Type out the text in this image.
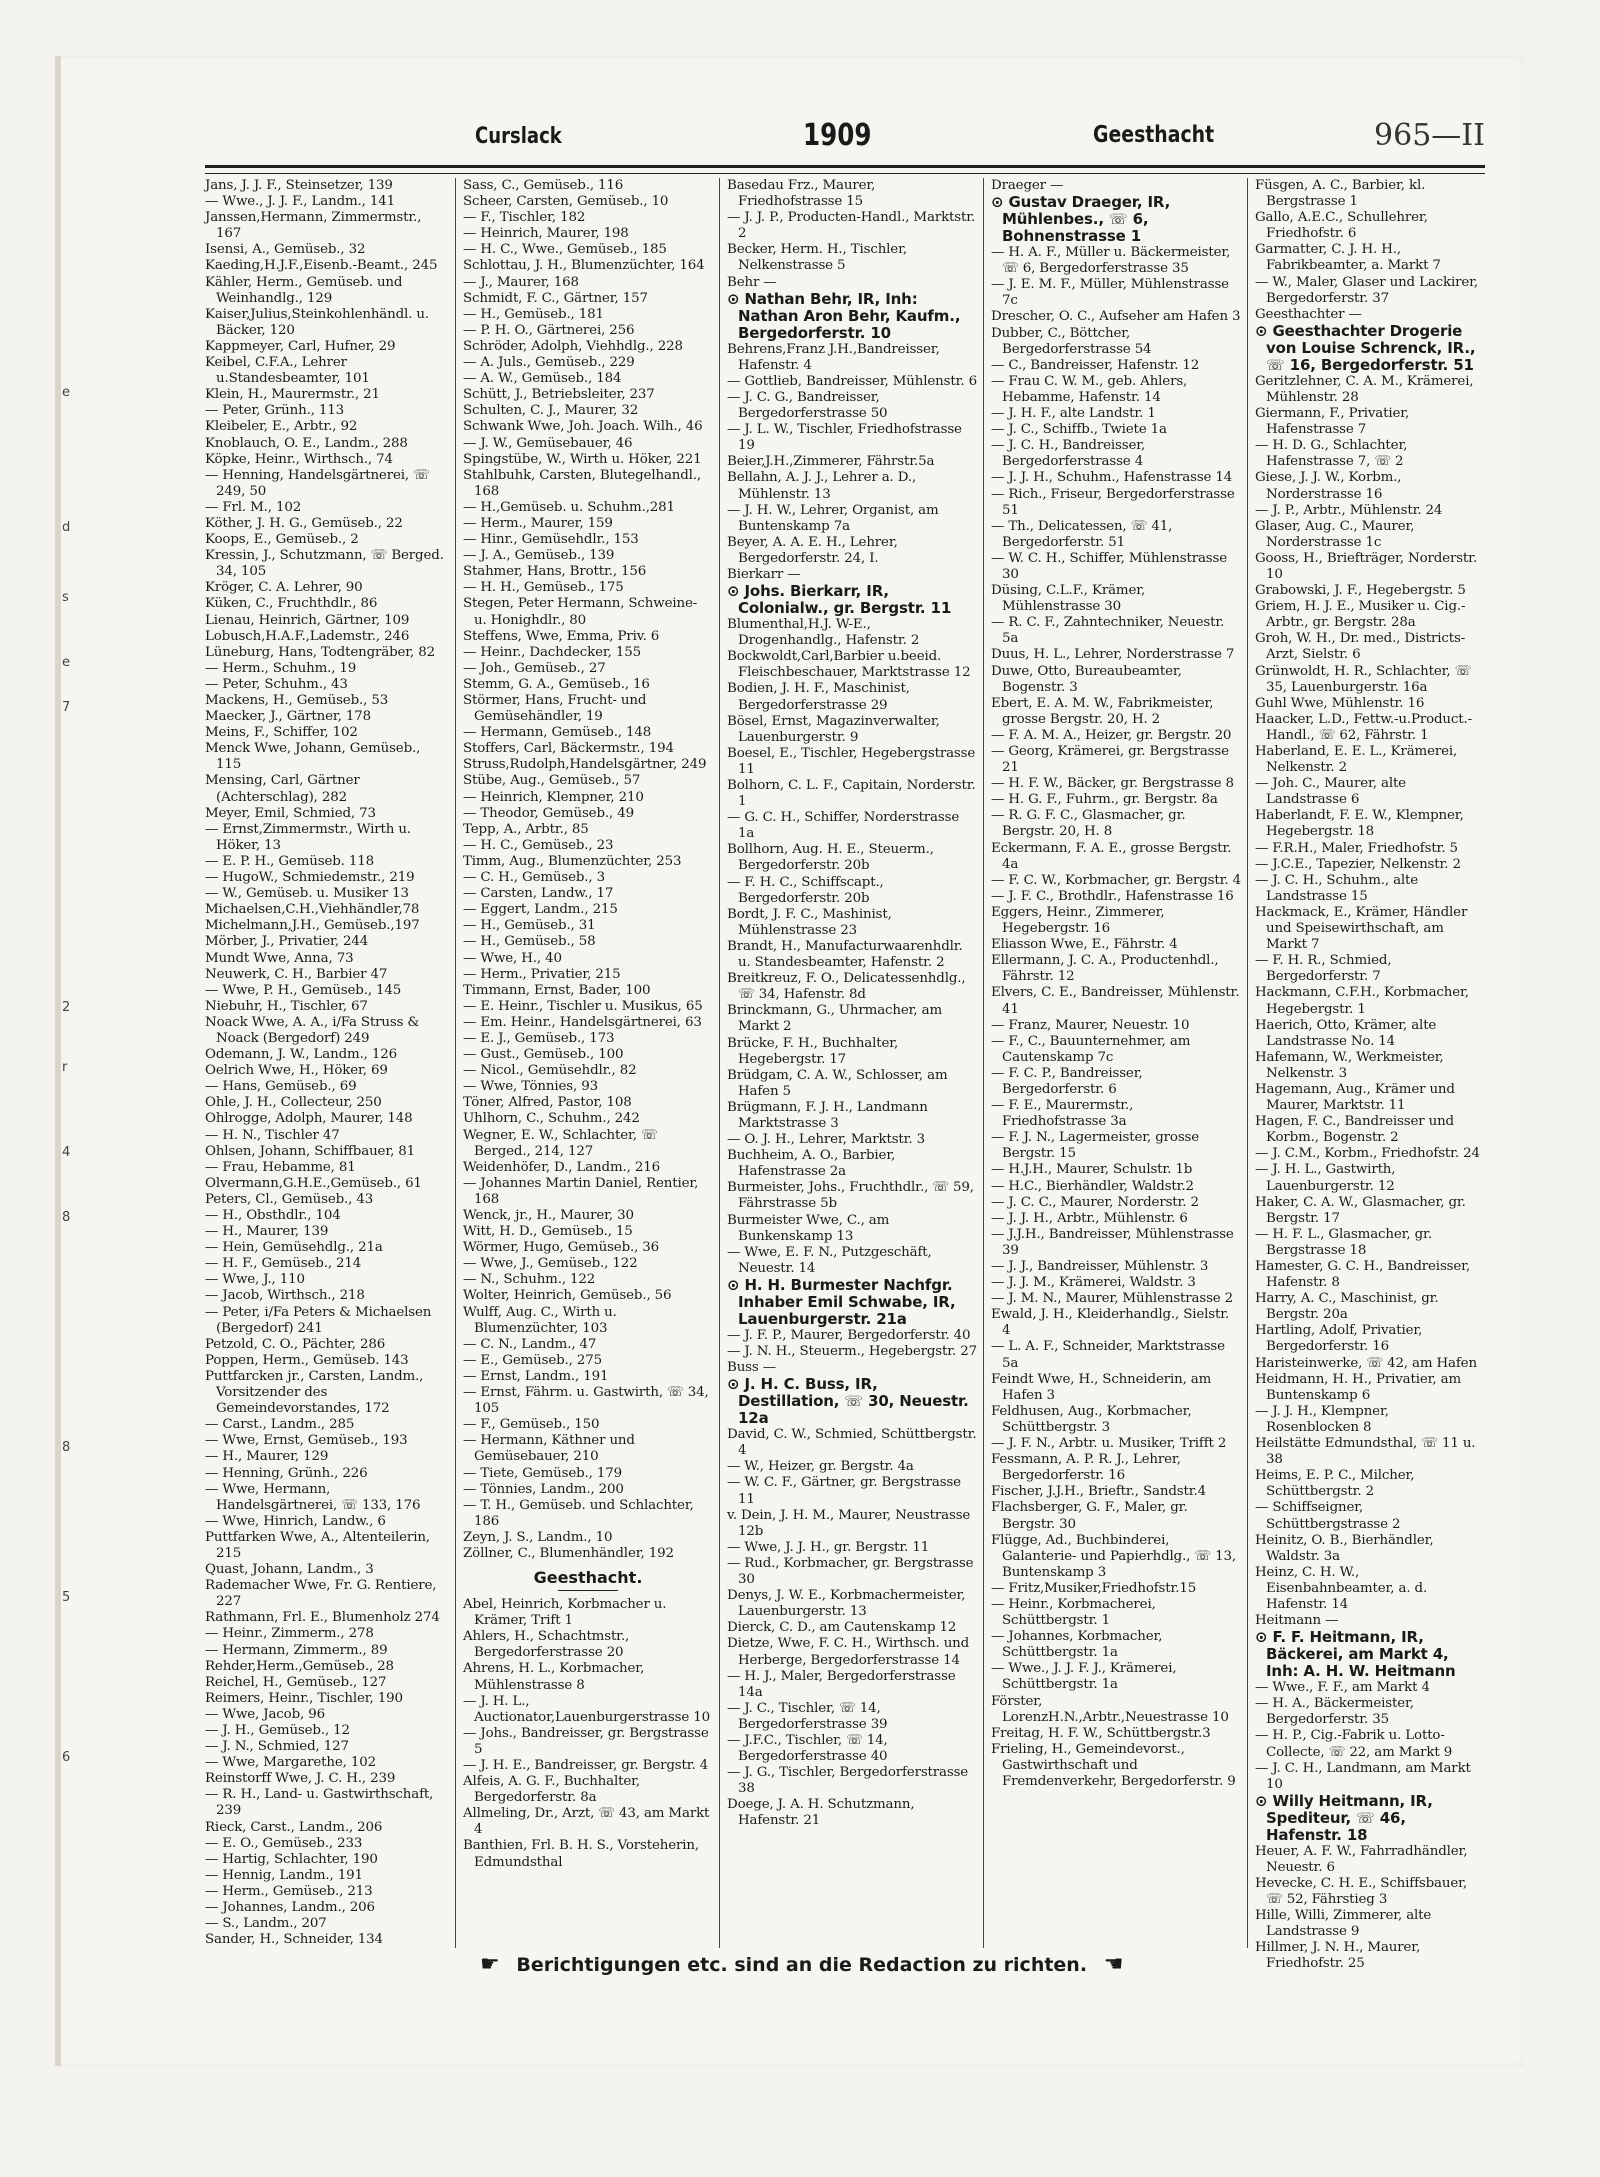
e
d
s
e
7
2
r
4
8
8
5
6
Curslack	1909	Geesthacht	965—II
Jans, J. J. F., Steinsetzer, 139
— Wwe., J. J. F., Landm., 141
Janssen,Hermann, Zimmermstr., 167
Isensi, A., Gemüseb., 32
Kaeding,H.J.F.,Eisenb.-Beamt., 245
Kähler, Herm., Gemüseb. und Weinhandlg., 129
Kaiser,Julius,Steinkohlenhändl. u. Bäcker, 120
Kappmeyer, Carl, Hufner, 29
Keibel, C.F.A., Lehrer u.Standesbeamter, 101
Klein, H., Maurermstr., 21
— Peter, Grünh., 113
Kleibeler, E., Arbtr., 92
Knoblauch, O. E., Landm., 288
Köpke, Heinr., Wirthsch., 74
— Henning, Handelsgärtnerei, ☏ 249, 50
— Frl. M., 102
Köther, J. H. G., Gemüseb., 22
Koops, E., Gemüseb., 2
Kressin, J., Schutzmann, ☏ Berged. 34, 105
Kröger, C. A. Lehrer, 90
Küken, C., Fruchthdlr., 86
Lienau, Heinrich, Gärtner, 109
Lobusch,H.A.F.,Lademstr., 246
Lüneburg, Hans, Todtengräber, 82
— Herm., Schuhm., 19
— Peter, Schuhm., 43
Mackens, H., Gemüseb., 53
Maecker, J., Gärtner, 178
Meins, F., Schiffer, 102
Menck Wwe, Johann, Gemüseb., 115
Mensing, Carl, Gärtner (Achterschlag), 282
Meyer, Emil, Schmied, 73
— Ernst,Zimmermstr., Wirth u. Höker, 13
— E. P. H., Gemüseb. 118
— HugoW., Schmiedemstr., 219
— W., Gemüseb. u. Musiker 13
Michaelsen,C.H.,Viehhändler,78
Michelmann,J.H., Gemüseb.,197
Mörber, J., Privatier, 244
Mundt Wwe, Anna, 73
Neuwerk, C. H., Barbier 47
— Wwe, P. H., Gemüseb., 145
Niebuhr, H., Tischler, 67
Noack Wwe, A. A., i/Fa Struss & Noack (Bergedorf) 249
Odemann, J. W., Landm., 126
Oelrich Wwe, H., Höker, 69
— Hans, Gemüseb., 69
Ohle, J. H., Collecteur, 250
Ohlrogge, Adolph, Maurer, 148
— H. N., Tischler 47
Ohlsen, Johann, Schiffbauer, 81
— Frau, Hebamme, 81
Olvermann,G.H.E.,Gemüseb., 61
Peters, Cl., Gemüseb., 43
— H., Obsthdlr., 104
— H., Maurer, 139
— Hein, Gemüsehdlg., 21a
— H. F., Gemüseb., 214
— Wwe, J., 110
— Jacob, Wirthsch., 218
— Peter, i/Fa Peters & Michaelsen (Bergedorf) 241
Petzold, C. O., Pächter, 286
Poppen, Herm., Gemüseb. 143
Puttfarcken jr., Carsten, Landm., Vorsitzender des Gemeindevorstandes, 172
— Carst., Landm., 285
— Wwe, Ernst, Gemüseb., 193
— H., Maurer, 129
— Henning, Grünh., 226
— Wwe, Hermann, Handelsgärtnerei, ☏ 133, 176
— Wwe, Hinrich, Landw., 6
Puttfarken Wwe, A., Altenteilerin, 215
Quast, Johann, Landm., 3
Rademacher Wwe, Fr. G. Rentiere, 227
Rathmann, Frl. E., Blumenholz 274
— Heinr., Zimmerm., 278
— Hermann, Zimmerm., 89
Rehder,Herm.,Gemüseb., 28
Reichel, H., Gemüseb., 127
Reimers, Heinr., Tischler, 190
— Wwe, Jacob, 96
— J. H., Gemüseb., 12
— J. N., Schmied, 127
— Wwe, Margarethe, 102
Reinstorff Wwe, J. C. H., 239
— R. H., Land- u. Gastwirthschaft, 239
Rieck, Carst., Landm., 206
— E. O., Gemüseb., 233
— Hartig, Schlachter, 190
— Hennig, Landm., 191
— Herm., Gemüseb., 213
— Johannes, Landm., 206
— S., Landm., 207
Sander, H., Schneider, 134
Sass, C., Gemüseb., 116
Scheer, Carsten, Gemüseb., 10
— F., Tischler, 182
— Heinrich, Maurer, 198
— H. C., Wwe., Gemüseb., 185
Schlottau, J. H., Blumenzüchter, 164
— J., Maurer, 168
Schmidt, F. C., Gärtner, 157
— H., Gemüseb., 181
— P. H. O., Gärtnerei, 256
Schröder, Adolph, Viehhdlg., 228
— A. Juls., Gemüseb., 229
— A. W., Gemüseb., 184
Schütt, J., Betriebsleiter, 237
Schulten, C. J., Maurer, 32
Schwank Wwe, Joh. Joach. Wilh., 46
— J. W., Gemüsebauer, 46
Spingstübe, W., Wirth u. Höker, 221
Stahlbuhk, Carsten, Blutegelhandl., 168
— H.,Gemüseb. u. Schuhm.,281
— Herm., Maurer, 159
— Hinr., Gemüsehdlr., 153
— J. A., Gemüseb., 139
Stahmer, Hans, Brottr., 156
— H. H., Gemüseb., 175
Stegen, Peter Hermann, Schweine- u. Honighdlr., 80
Steffens, Wwe, Emma, Priv. 6
— Heinr., Dachdecker, 155
— Joh., Gemüseb., 27
Stemm, G. A., Gemüseb., 16
Störmer, Hans, Frucht- und Gemüsehändler, 19
— Hermann, Gemüseb., 148
Stoffers, Carl, Bäckermstr., 194
Struss,Rudolph,Handelsgärtner, 249
Stübe, Aug., Gemüseb., 57
— Heinrich, Klempner, 210
— Theodor, Gemüseb., 49
Tepp, A., Arbtr., 85
— H. C., Gemüseb., 23
Timm, Aug., Blumenzüchter, 253
— C. H., Gemüseb., 3
— Carsten, Landw., 17
— Eggert, Landm., 215
— H., Gemüseb., 31
— H., Gemüseb., 58
— Wwe, H., 40
— Herm., Privatier, 215
Timmann, Ernst, Bader, 100
— E. Heinr., Tischler u. Musikus, 65
— Em. Heinr., Handelsgärtnerei, 63
— E. J., Gemüseb., 173
— Gust., Gemüseb., 100
— Nicol., Gemüsehdlr., 82
— Wwe, Tönnies, 93
Töner, Alfred, Pastor, 108
Uhlhorn, C., Schuhm., 242
Wegner, E. W., Schlachter, ☏ Berged., 214, 127
Weidenhöfer, D., Landm., 216
— Johannes Martin Daniel, Rentier, 168
Wenck, jr., H., Maurer, 30
Witt, H. D., Gemüseb., 15
Wörmer, Hugo, Gemüseb., 36
— Wwe, J., Gemüseb., 122
— N., Schuhm., 122
Wolter, Heinrich, Gemüseb., 56
Wulff, Aug. C., Wirth u. Blumenzüchter, 103
— C. N., Landm., 47
— E., Gemüseb., 275
— Ernst, Landm., 191
— Ernst, Fährm. u. Gastwirth, ☏ 34, 105
— F., Gemüseb., 150
— Hermann, Käthner und Gemüsebauer, 210
— Tiete, Gemüseb., 179
— Tönnies, Landm., 200
— T. H., Gemüseb. und Schlachter, 186
Zeyn, J. S., Landm., 10
Zöllner, C., Blumenhändler, 192
Geesthacht.
Abel, Heinrich, Korbmacher u. Krämer, Trift 1
Ahlers, H., Schachtmstr., Bergedorferstrasse 20
Ahrens, H. L., Korbmacher, Mühlenstrasse 8
— J. H. L., Auctionator,Lauenburgerstrasse 10
— Johs., Bandreisser, gr. Bergstrasse 5
— J. H. E., Bandreisser, gr. Bergstr. 4
Alfeis, A. G. F., Buchhalter, Bergedorferstr. 8a
Allmeling, Dr., Arzt, ☏ 43, am Markt 4
Banthien, Frl. B. H. S., Vorsteherin, Edmundsthal
Basedau Frz., Maurer, Friedhofstrasse 15
— J. J. P., Producten-Handl., Marktstr. 2
Becker, Herm. H., Tischler, Nelkenstrasse 5
Behr —
⊙ Nathan Behr, IR, Inh: Nathan Aron Behr, Kaufm., Bergedorferstr. 10
Behrens,Franz J.H.,Bandreisser, Hafenstr. 4
— Gottlieb, Bandreisser, Mühlenstr. 6
— J. C. G., Bandreisser, Bergedorferstrasse 50
— J. L. W., Tischler, Friedhofstrasse 19
Beier,J.H.,Zimmerer, Fährstr.5a
Bellahn, A. J. J., Lehrer a. D., Mühlenstr. 13
— J. H. W., Lehrer, Organist, am Buntenskamp 7a
Beyer, A. A. E. H., Lehrer, Bergedorferstr. 24, I.
Bierkarr —
⊙ Johs. Bierkarr, IR, Colonialw., gr. Bergstr. 11
Blumenthal,H.J. W-E., Drogenhandlg., Hafenstr. 2
Bockwoldt,Carl,Barbier u.beeid. Fleischbeschauer, Marktstrasse 12
Bodien, J. H. F., Maschinist, Bergedorferstrasse 29
Bösel, Ernst, Magazinverwalter, Lauenburgerstr. 9
Boesel, E., Tischler, Hegebergstrasse 11
Bolhorn, C. L. F., Capitain, Norderstr. 1
— G. C. H., Schiffer, Norderstrasse 1a
Bollhorn, Aug. H. E., Steuerm., Bergedorferstr. 20b
— F. H. C., Schiffscapt., Bergedorferstr. 20b
Bordt, J. F. C., Mashinist, Mühlenstrasse 23
Brandt, H., Manufacturwaarenhdlr. u. Standesbeamter, Hafenstr. 2
Breitkreuz, F. O., Delicatessenhdlg., ☏ 34, Hafenstr. 8d
Brinckmann, G., Uhrmacher, am Markt 2
Brücke, F. H., Buchhalter, Hegebergstr. 17
Brüdgam, C. A. W., Schlosser, am Hafen 5
Brügmann, F. J. H., Landmann Marktstrasse 3
— O. J. H., Lehrer, Marktstr. 3
Buchheim, A. O., Barbier, Hafenstrasse 2a
Burmeister, Johs., Fruchthdlr., ☏ 59, Fährstrasse 5b
Burmeister Wwe, C., am Bunkenskamp 13
— Wwe, E. F. N., Putzgeschäft, Neuestr. 14
⊙ H. H. Burmester Nachfgr. Inhaber Emil Schwabe, IR, Lauenburgerstr. 21a
— J. F. P., Maurer, Bergedorferstr. 40
— J. N. H., Steuerm., Hegebergstr. 27
Buss —
⊙ J. H. C. Buss, IR, Destillation, ☏ 30, Neuestr. 12a
David, C. W., Schmied, Schüttbergstr. 4
— W., Heizer, gr. Bergstr. 4a
— W. C. F., Gärtner, gr. Bergstrasse 11
v. Dein, J. H. M., Maurer, Neustrasse 12b
— Wwe, J. J. H., gr. Bergstr. 11
— Rud., Korbmacher, gr. Bergstrasse 30
Denys, J. W. E., Korbmachermeister, Lauenburgerstr. 13
Dierck, C. D., am Cautenskamp 12
Dietze, Wwe, F. C. H., Wirthsch. und Herberge, Bergedorferstrasse 14
— H. J., Maler, Bergedorferstrasse 14a
— J. C., Tischler, ☏ 14, Bergedorferstrasse 39
— J.F.C., Tischler, ☏ 14, Bergedorferstrasse 40
— J. G., Tischler, Bergedorferstrasse 38
Doege, J. A. H. Schutzmann, Hafenstr. 21
Draeger —
⊙ Gustav Draeger, IR, Mühlenbes., ☏ 6, Bohnenstrasse 1
— H. A. F., Müller u. Bäckermeister, ☏ 6, Bergedorferstrasse 35
— J. E. M. F., Müller, Mühlenstrasse 7c
Drescher, O. C., Aufseher am Hafen 3
Dubber, C., Böttcher, Bergedorferstrasse 54
— C., Bandreisser, Hafenstr. 12
— Frau C. W. M., geb. Ahlers, Hebamme, Hafenstr. 14
— J. H. F., alte Landstr. 1
— J. C., Schiffb., Twiete 1a
— J. C. H., Bandreisser, Bergedorferstrasse 4
— J. J. H., Schuhm., Hafenstrasse 14
— Rich., Friseur, Bergedorferstrasse 51
— Th., Delicatessen, ☏ 41, Bergedorferstr. 51
— W. C. H., Schiffer, Mühlenstrasse 30
Düsing, C.L.F., Krämer, Mühlenstrasse 30
— R. C. F., Zahntechniker, Neuestr. 5a
Duus, H. L., Lehrer, Norderstrasse 7
Duwe, Otto, Bureaubeamter, Bogenstr. 3
Ebert, E. A. M. W., Fabrikmeister, grosse Bergstr. 20, H. 2
— F. A. M. A., Heizer, gr. Bergstr. 20
— Georg, Krämerei, gr. Bergstrasse 21
— H. F. W., Bäcker, gr. Bergstrasse 8
— H. G. F., Fuhrm., gr. Bergstr. 8a
— R. G. F. C., Glasmacher, gr. Bergstr. 20, H. 8
Eckermann, F. A. E., grosse Bergstr. 4a
— F. C. W., Korbmacher, gr. Bergstr. 4
— J. F. C., Brothdlr., Hafenstrasse 16
Eggers, Heinr., Zimmerer, Hegebergstr. 16
Eliasson Wwe, E., Fährstr. 4
Ellermann, J. C. A., Productenhdl., Fährstr. 12
Elvers, C. E., Bandreisser, Mühlenstr. 41
— Franz, Maurer, Neuestr. 10
— F., C., Bauunternehmer, am Cautenskamp 7c
— F. C. P., Bandreisser, Bergedorferstr. 6
— F. E., Maurermstr., Friedhofstrasse 3a
— F. J. N., Lagermeister, grosse Bergstr. 15
— H.J.H., Maurer, Schulstr. 1b
— H.C., Bierhändler, Waldstr.2
— J. C. C., Maurer, Norderstr. 2
— J. J. H., Arbtr., Mühlenstr. 6
— J.J.H., Bandreisser, Mühlenstrasse 39
— J. J., Bandreisser, Mühlenstr. 3
— J. J. M., Krämerei, Waldstr. 3
— J. M. N., Maurer, Mühlenstrasse 2
Ewald, J. H., Kleiderhandlg., Sielstr. 4
— L. A. F., Schneider, Marktstrasse 5a
Feindt Wwe, H., Schneiderin, am Hafen 3
Feldhusen, Aug., Korbmacher, Schüttbergstr. 3
— J. F. N., Arbtr. u. Musiker, Trifft 2
Fessmann, A. P. R. J., Lehrer, Bergedorferstr. 16
Fischer, J.J.H., Brieftr., Sandstr.4
Flachsberger, G. F., Maler, gr. Bergstr. 30
Flügge, Ad., Buchbinderei, Galanterie- und Papierhdlg., ☏ 13, Buntenskamp 3
— Fritz,Musiker,Friedhofstr.15
— Heinr., Korbmacherei, Schüttbergstr. 1
— Johannes, Korbmacher, Schüttbergstr. 1a
— Wwe., J. J. F. J., Krämerei, Schüttbergstr. 1a
Förster, LorenzH.N.,Arbtr.,Neuestrasse 10
Freitag, H. F. W., Schüttbergstr.3
Frieling, H., Gemeindevorst., Gastwirthschaft und Fremdenverkehr, Bergedorferstr. 9
Füsgen, A. C., Barbier, kl. Bergstrasse 1
Gallo, A.E.C., Schullehrer, Friedhofstr. 6
Garmatter, C. J. H. H., Fabrikbeamter, a. Markt 7
— W., Maler, Glaser und Lackirer, Bergedorferstr. 37
Geesthachter —
⊙ Geesthachter Drogerie von Louise Schrenck, IR., ☏ 16, Bergedorferstr. 51
Geritzlehner, C. A. M., Krämerei, Mühlenstr. 28
Giermann, F., Privatier, Hafenstrasse 7
— H. D. G., Schlachter, Hafenstrasse 7, ☏ 2
Giese, J. J. W., Korbm., Norderstrasse 16
— J. P., Arbtr., Mühlenstr. 24
Glaser, Aug. C., Maurer, Norderstrasse 1c
Gooss, H., Briefträger, Norderstr. 10
Grabowski, J. F., Hegebergstr. 5
Griem, H. J. E., Musiker u. Cig.-Arbtr., gr. Bergstr. 28a
Groh, W. H., Dr. med., Districts-Arzt, Sielstr. 6
Grünwoldt, H. R., Schlachter, ☏ 35, Lauenburgerstr. 16a
Guhl Wwe, Mühlenstr. 16
Haacker, L.D., Fettw.-u.Product.-Handl., ☏ 62, Fährstr. 1
Haberland, E. E. L., Krämerei, Nelkenstr. 2
— Joh. C., Maurer, alte Landstrasse 6
Haberlandt, F. E. W., Klempner, Hegebergstr. 18
— F.R.H., Maler, Friedhofstr. 5
— J.C.E., Tapezier, Nelkenstr. 2
— J. C. H., Schuhm., alte Landstrasse 15
Hackmack, E., Krämer, Händler und Speisewirthschaft, am Markt 7
— F. H. R., Schmied, Bergedorferstr. 7
Hackmann, C.F.H., Korbmacher, Hegebergstr. 1
Haerich, Otto, Krämer, alte Landstrasse No. 14
Hafemann, W., Werkmeister, Nelkenstr. 3
Hagemann, Aug., Krämer und Maurer, Marktstr. 11
Hagen, F. C., Bandreisser und Korbm., Bogenstr. 2
— J. C.M., Korbm., Friedhofstr. 24
— J. H. L., Gastwirth, Lauenburgerstr. 12
Haker, C. A. W., Glasmacher, gr. Bergstr. 17
— H. F. L., Glasmacher, gr. Bergstrasse 18
Hamester, G. C. H., Bandreisser, Hafenstr. 8
Harry, A. C., Maschinist, gr. Bergstr. 20a
Hartling, Adolf, Privatier, Bergedorferstr. 16
Haristeinwerke, ☏ 42, am Hafen
Heidmann, H. H., Privatier, am Buntenskamp 6
— J. J. H., Klempner, Rosenblocken 8
Heilstätte Edmundsthal, ☏ 11 u. 38
Heims, E. P. C., Milcher, Schüttbergstr. 2
— Schiffseigner, Schüttbergstrasse 2
Heinitz, O. B., Bierhändler, Waldstr. 3a
Heinz, C. H. W., Eisenbahnbeamter, a. d. Hafenstr. 14
Heitmann —
⊙ F. F. Heitmann, IR, Bäckerei, am Markt 4, Inh: A. H. W. Heitmann
— Wwe., F. F., am Markt 4
— H. A., Bäckermeister, Bergedorferstr. 35
— H. P., Cig.-Fabrik u. Lotto-Collecte, ☏ 22, am Markt 9
— J. C. H., Landmann, am Markt 10
⊙ Willy Heitmann, IR, Spediteur, ☏ 46, Hafenstr. 18
Heuer, A. F. W., Fahrradhändler, Neuestr. 6
Hevecke, C. H. E., Schiffsbauer, ☏ 52, Fährstieg 3
Hille, Willi, Zimmerer, alte Landstrasse 9
Hillmer, J. N. H., Maurer, Friedhofstr. 25
☛ Berichtigungen etc. sind an die Redaction zu richten. ☚
